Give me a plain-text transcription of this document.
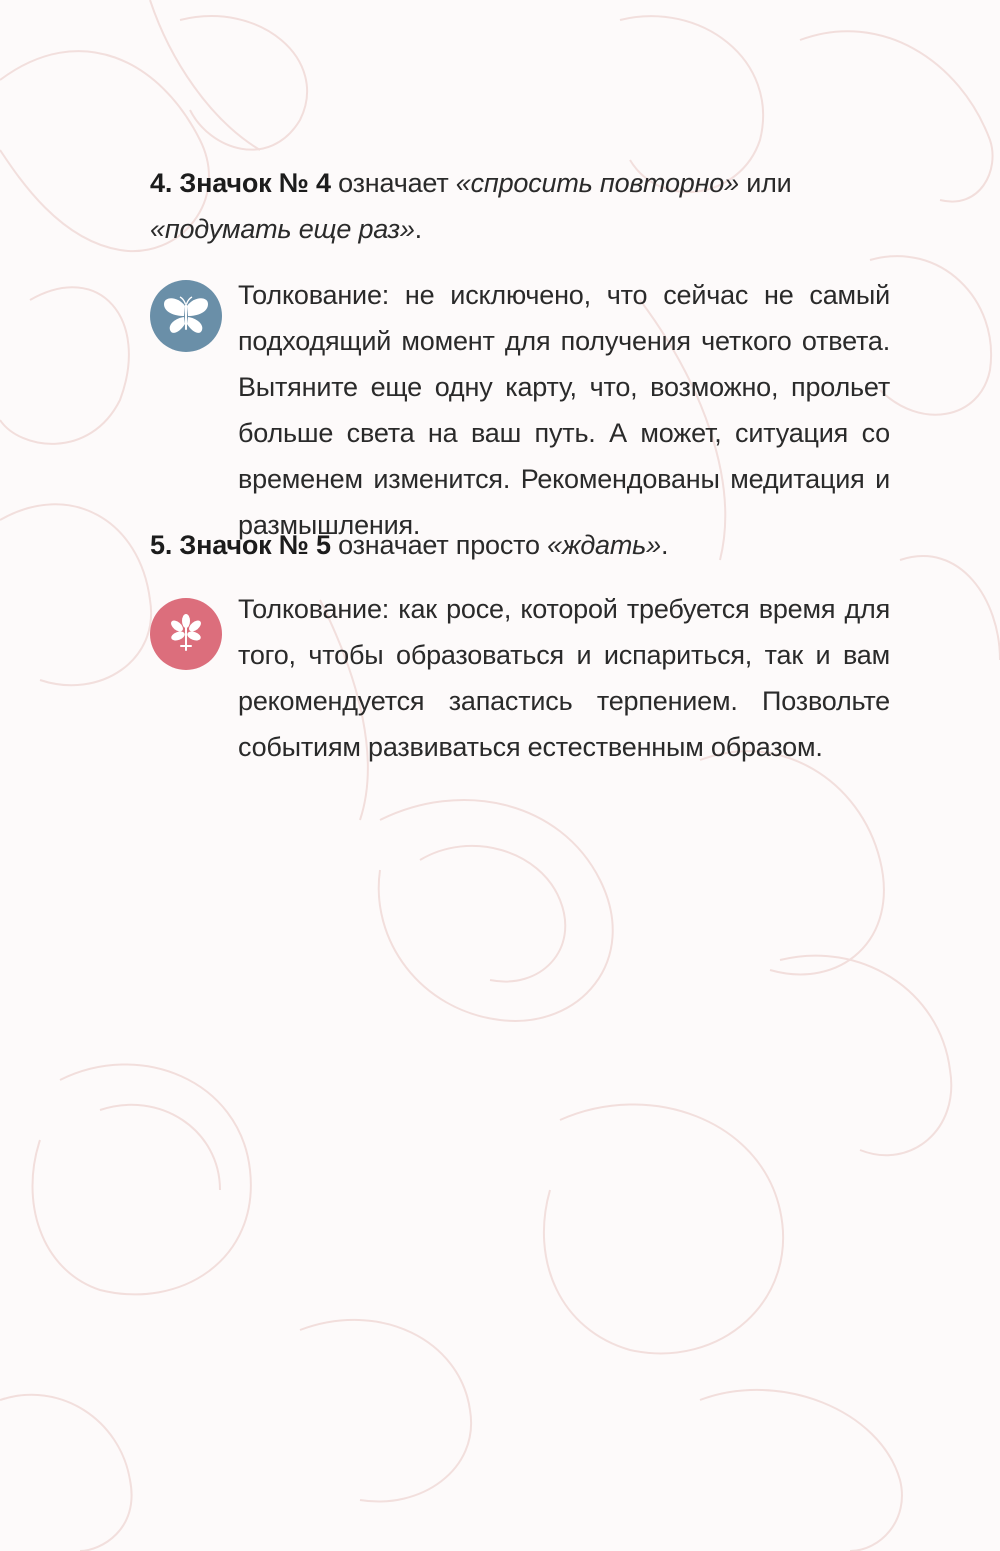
4. Значок № 4 означает «спросить повторно» или «подумать еще раз».
Толкование: не исключено, что сейчас не самый подходящий момент для получения четкого ответа. Вытяните еще одну карту, что, возможно, прольет больше света на ваш путь. А может, ситуация со временем изменится. Рекомендованы медитация и размышления.
5. Значок № 5 означает просто «ждать».
Толкование: как росе, которой требуется время для того, чтобы образоваться и испариться, так и вам рекомендуется запастись терпением. Позвольте событиям развиваться естественным образом.
